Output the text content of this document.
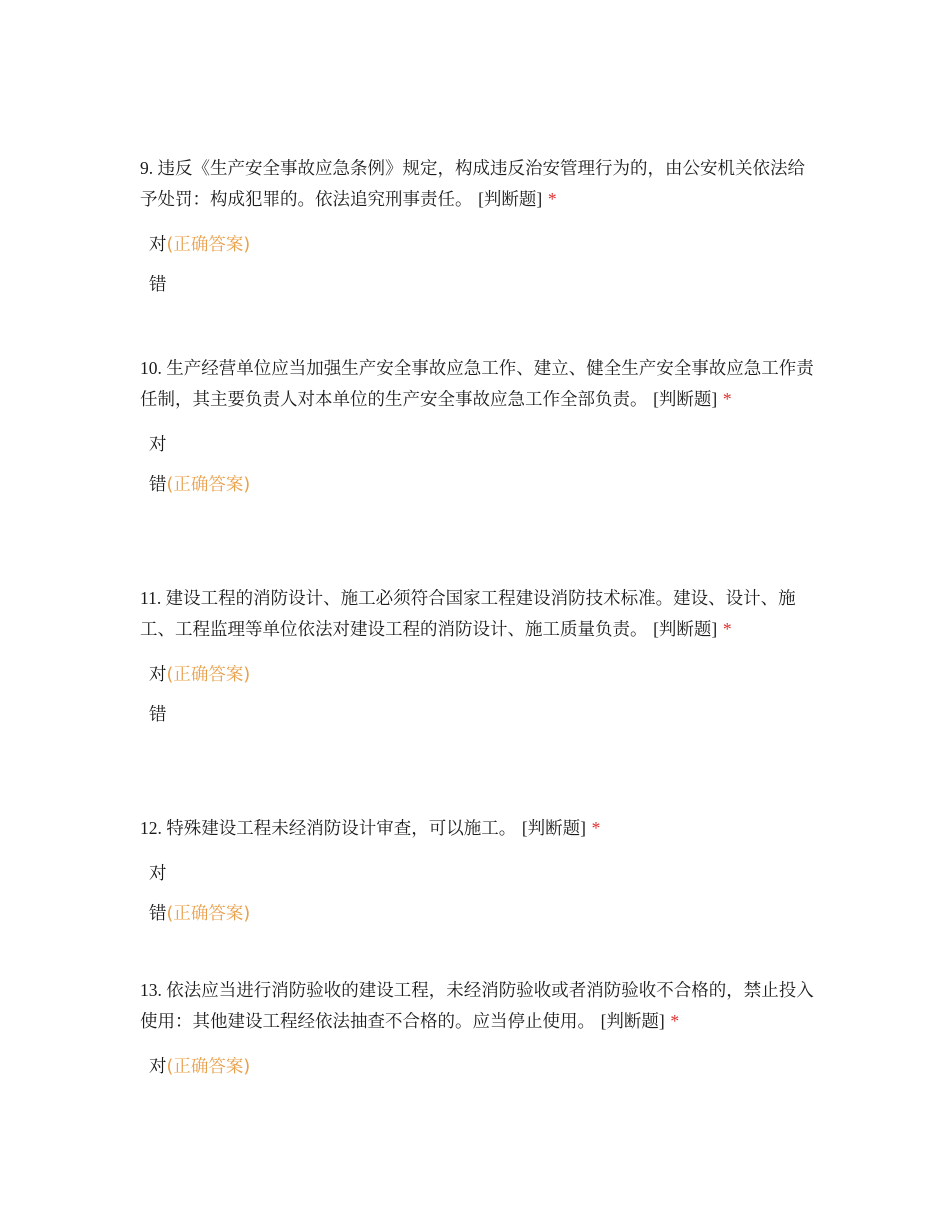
9. 违反《生产安全事故应急条例》规定，构成违反治安管理行为的，由公安机关依法给予处罚：构成犯罪的。依法追究刑事责任。 [判断题] *

对(正确答案)
错

10. 生产经营单位应当加强生产安全事故应急工作、建立、健全生产安全事故应急工作责任制，其主要负责人对本单位的生产安全事故应急工作全部负责。 [判断题] *

对
错(正确答案)

11. 建设工程的消防设计、施工必须符合国家工程建设消防技术标准。建设、设计、施工、工程监理等单位依法对建设工程的消防设计、施工质量负责。 [判断题] *

对(正确答案)
错

12. 特殊建设工程未经消防设计审查，可以施工。 [判断题] *

对
错(正确答案)

13. 依法应当进行消防验收的建设工程，未经消防验收或者消防验收不合格的，禁止投入使用：其他建设工程经依法抽查不合格的。应当停止使用。 [判断题] *

对(正确答案)
